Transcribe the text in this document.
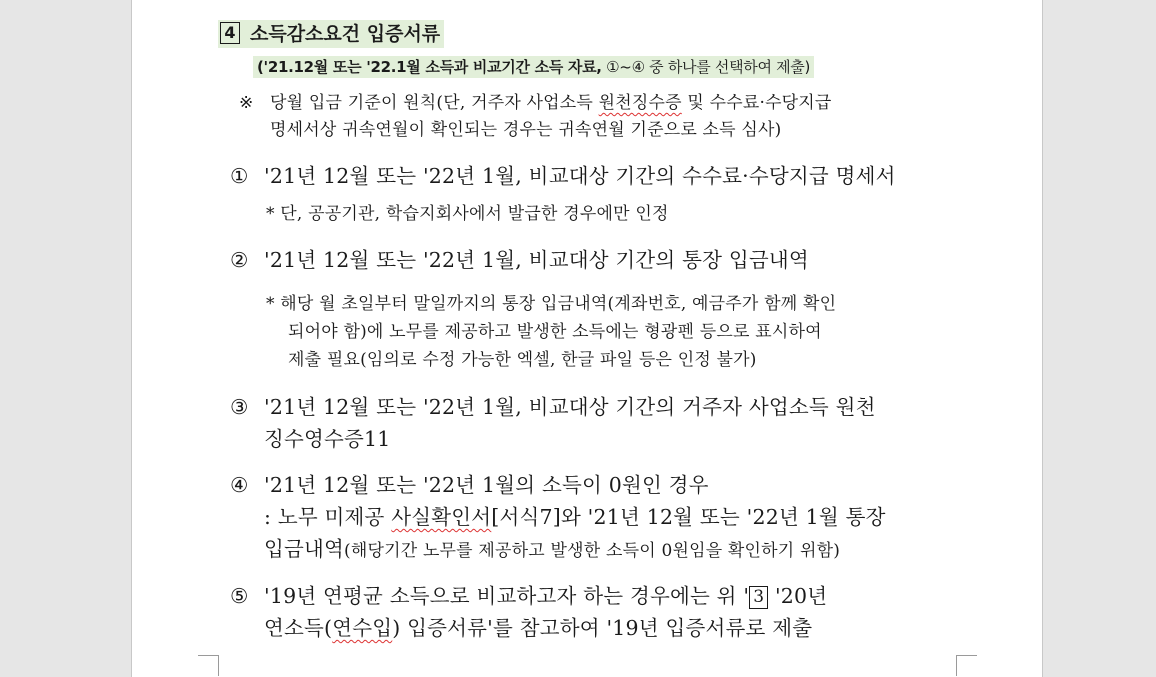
4 소득감소요건 입증서류
('21.12월 또는 '22.1월 소득과 비교기간 소득 자료, ①~④ 중 하나를 선택하여 제출)
※ 당월 입금 기준이 원칙(단, 거주자 사업소득 원천징수증 및 수수료·수당지급
명세서상 귀속연월이 확인되는 경우는 귀속연월 기준으로 소득 심사)
① '21년 12월 또는 '22년 1월, 비교대상 기간의 수수료·수당지급 명세서
* 단, 공공기관, 학습지회사에서 발급한 경우에만 인정
② '21년 12월 또는 '22년 1월, 비교대상 기간의 통장 입금내역
* 해당 월 초일부터 말일까지의 통장 입금내역(계좌번호, 예금주가 함께 확인
되어야 함)에 노무를 제공하고 발생한 소득에는 형광펜 등으로 표시하여
제출 필요(임의로 수정 가능한 엑셀, 한글 파일 등은 인정 불가)
③ '21년 12월 또는 '22년 1월, 비교대상 기간의 거주자 사업소득 원천
징수영수증11
④ '21년 12월 또는 '22년 1월의 소득이 0원인 경우
: 노무 미제공 사실확인서[서식7]와 '21년 12월 또는 '22년 1월 통장
입금내역(해당기간 노무를 제공하고 발생한 소득이 0원임을 확인하기 위함)
⑤ '19년 연평균 소득으로 비교하고자 하는 경우에는 위 ' 3 '20년
연소득(연수입) 입증서류'를 참고하여 '19년 입증서류로 제출
